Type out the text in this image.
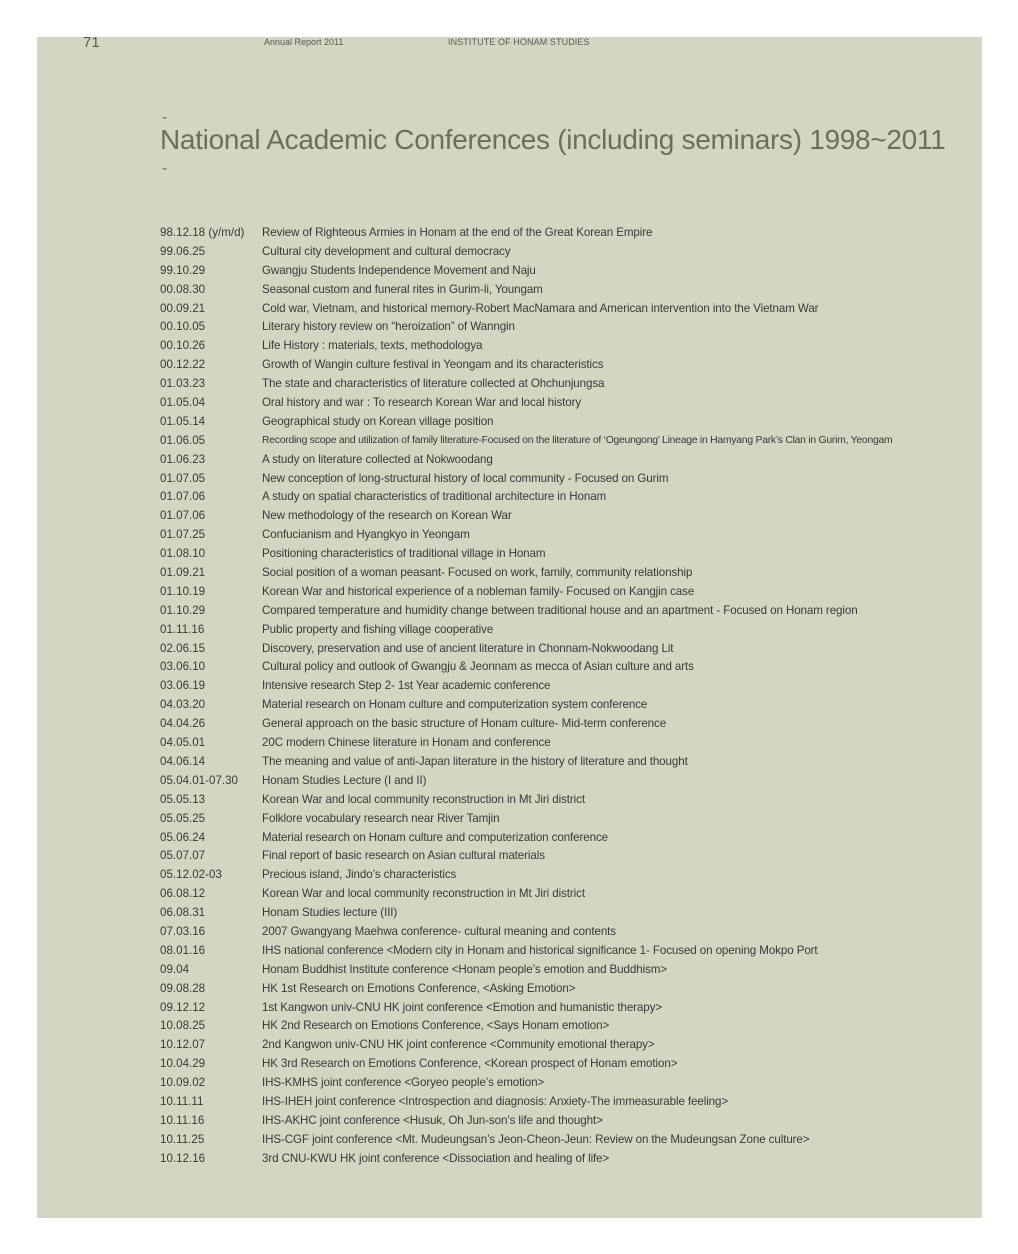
71	Annual Report 2011	INSTITUTE OF HONAM STUDIES
-
National Academic Conferences (including seminars) 1998~2011
-
98.12.18 (y/m/d)	Review of Righteous Armies in Honam at the end of the Great Korean Empire
99.06.25	Cultural city development and cultural democracy
99.10.29	Gwangju Students Independence Movement and Naju
00.08.30	Seasonal custom and funeral rites in Gurim-li, Youngam
00.09.21	Cold war, Vietnam, and historical memory-Robert MacNamara and American intervention into the Vietnam War
00.10.05	Literary history review on “heroization” of Wanngin
00.10.26	Life History : materials, texts, methodologya
00.12.22	Growth of Wangin culture festival in Yeongam and its characteristics
01.03.23	The state and characteristics of literature collected at Ohchunjungsa
01.05.04	Oral history and war : To research Korean War and local history
01.05.14	Geographical study on Korean village position
01.06.05	Recording scope and utilization of family literature-Focused on the literature of ‘Ogeungong’ Lineage in Hamyang Park’s Clan in Gurim, Yeongam
01.06.23	A study on literature collected at Nokwoodang
01.07.05	New conception of long-structural history of local community - Focused on Gurim
01.07.06	A study on spatial characteristics of traditional architecture in Honam
01.07.06	New methodology of the research on Korean War
01.07.25	Confucianism and Hyangkyo in Yeongam
01.08.10	Positioning characteristics of traditional village in Honam
01.09.21	Social position of a woman peasant- Focused on work, family, community relationship
01.10.19	Korean War and historical experience of a nobleman family- Focused on Kangjin case
01.10.29	Compared temperature and humidity change between traditional house and an apartment - Focused on Honam region
01.11.16	Public property and fishing village cooperative
02.06.15	Discovery, preservation and use of ancient literature in Chonnam-Nokwoodang Lit
03.06.10	Cultural policy and outlook of Gwangju & Jeonnam as mecca of Asian culture and arts
03.06.19	Intensive research Step 2- 1st Year academic conference
04.03.20	Material research on Honam culture and computerization system conference
04.04.26	General approach on the basic structure of Honam culture- Mid-term conference
04.05.01	20C modern Chinese literature in Honam and conference
04.06.14	The meaning and value of anti-Japan literature in the history of literature and thought
05.04.01-07.30	Honam Studies Lecture (I and II)
05.05.13	Korean War and local community reconstruction in Mt Jiri district
05.05.25	Folklore vocabulary research near River Tamjin
05.06.24	Material research on Honam culture and computerization conference
05.07.07	Final report of basic research on Asian cultural materials
05.12.02-03	Precious island, Jindo’s characteristics
06.08.12	Korean War and local community reconstruction in Mt Jiri district
06.08.31	Honam Studies lecture (III)
07.03.16	2007 Gwangyang Maehwa conference- cultural meaning and contents
08.01.16	IHS national conference <Modern city in Honam and historical significance 1- Focused on opening Mokpo Port
09.04	Honam Buddhist Institute conference <Honam people’s emotion and Buddhism>
09.08.28	HK 1st Research on Emotions Conference, <Asking Emotion>
09.12.12	1st Kangwon univ-CNU HK joint conference <Emotion and humanistic therapy>
10.08.25	HK 2nd Research on Emotions Conference, <Says Honam emotion>
10.12.07	2nd Kangwon univ-CNU HK joint conference <Community emotional therapy>
10.04.29	HK 3rd Research on Emotions Conference, <Korean prospect of Honam emotion>
10.09.02	IHS-KMHS joint conference <Goryeo people’s emotion>
10.11.11	IHS-IHEH joint conference <Introspection and diagnosis: Anxiety-The immeasurable feeling>
10.11.16	IHS-AKHC joint conference <Husuk, Oh Jun-son’s life and thought>
10.11.25	IHS-CGF joint conference <Mt. Mudeungsan’s Jeon-Cheon-Jeun: Review on the Mudeungsan Zone culture>
10.12.16	3rd CNU-KWU HK joint conference <Dissociation and healing of life>
